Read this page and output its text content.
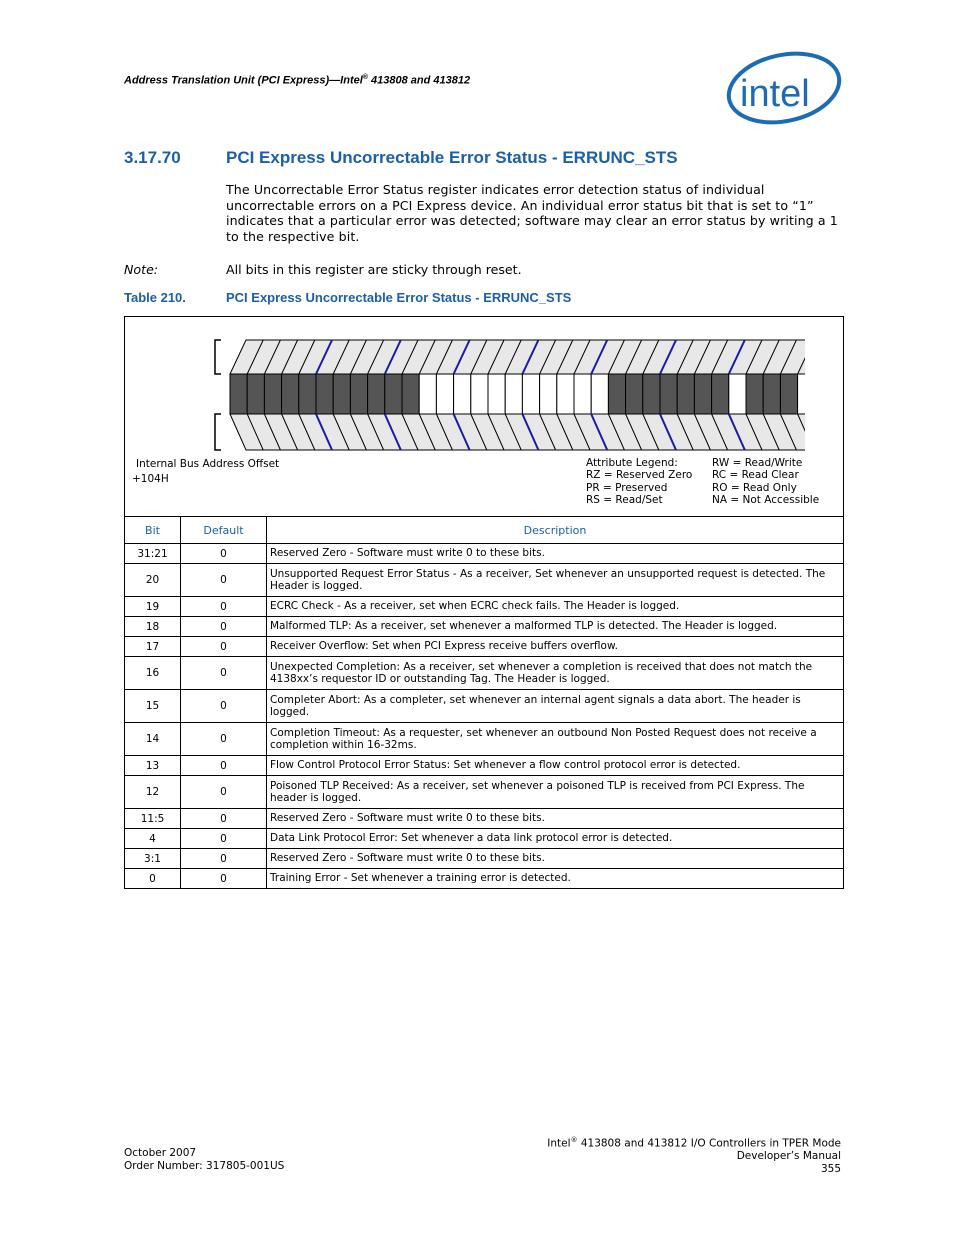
Address Translation Unit (PCI Express)—Intel® 413808 and 413812	intel
3.17.70	PCI Express Uncorrectable Error Status - ERRUNC_STS
The Uncorrectable Error Status register indicates error detection status of individual uncorrectable errors on a PCI Express device. An individual error status bit that is set to “1” indicates that a particular error was detected; software may clear an error status by writing a 1 to the respective bit.
Note:	All bits in this register are sticky through reset.
Table 210.	PCI Express Uncorrectable Error Status - ERRUNC_STS
Internal Bus Address Offset
+104H
Attribute Legend:
RZ = Reserved Zero
PR = Preserved
RS = Read/Set
RW = Read/Write
RC = Read Clear
RO = Read Only
NA = Not Accessible
Bit	Default	Description
31:21	0	Reserved Zero - Software must write 0 to these bits.
20	0	Unsupported Request Error Status - As a receiver, Set whenever an unsupported request is detected. The Header is logged.
19	0	ECRC Check - As a receiver, set when ECRC check fails. The Header is logged.
18	0	Malformed TLP: As a receiver, set whenever a malformed TLP is detected. The Header is logged.
17	0	Receiver Overflow: Set when PCI Express receive buffers overflow.
16	0	Unexpected Completion: As a receiver, set whenever a completion is received that does not match the 4138xx’s requestor ID or outstanding Tag. The Header is logged.
15	0	Completer Abort: As a completer, set whenever an internal agent signals a data abort. The header is logged.
14	0	Completion Timeout: As a requester, set whenever an outbound Non Posted Request does not receive a completion within 16-32ms.
13	0	Flow Control Protocol Error Status: Set whenever a flow control protocol error is detected.
12	0	Poisoned TLP Received: As a receiver, set whenever a poisoned TLP is received from PCI Express. The header is logged.
11:5	0	Reserved Zero - Software must write 0 to these bits.
4	0	Data Link Protocol Error: Set whenever a data link protocol error is detected.
3:1	0	Reserved Zero - Software must write 0 to these bits.
0	0	Training Error - Set whenever a training error is detected.
October 2007
Order Number: 317805-001US
Intel® 413808 and 413812 I/O Controllers in TPER Mode
Developer’s Manual
355
